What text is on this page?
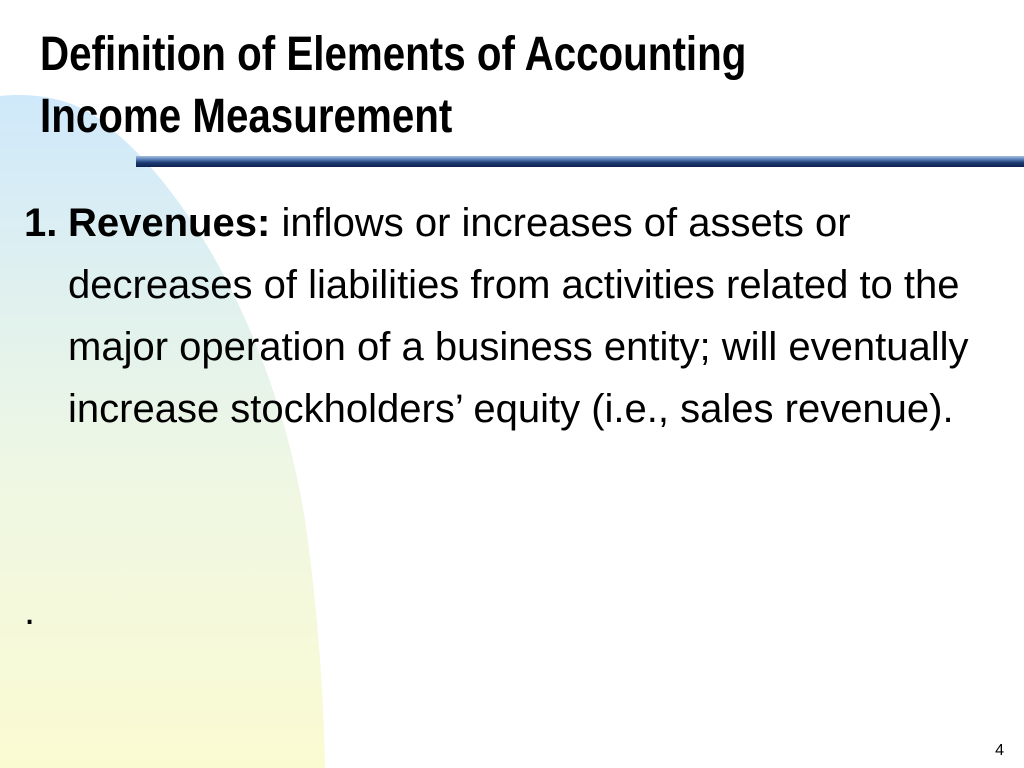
Definition of Elements of Accounting
Income Measurement
1. Revenues: inflows or increases of assets or decreases of liabilities from activities related to the major operation of a business entity; will eventually increase stockholders’ equity (i.e., sales revenue).
.
4
